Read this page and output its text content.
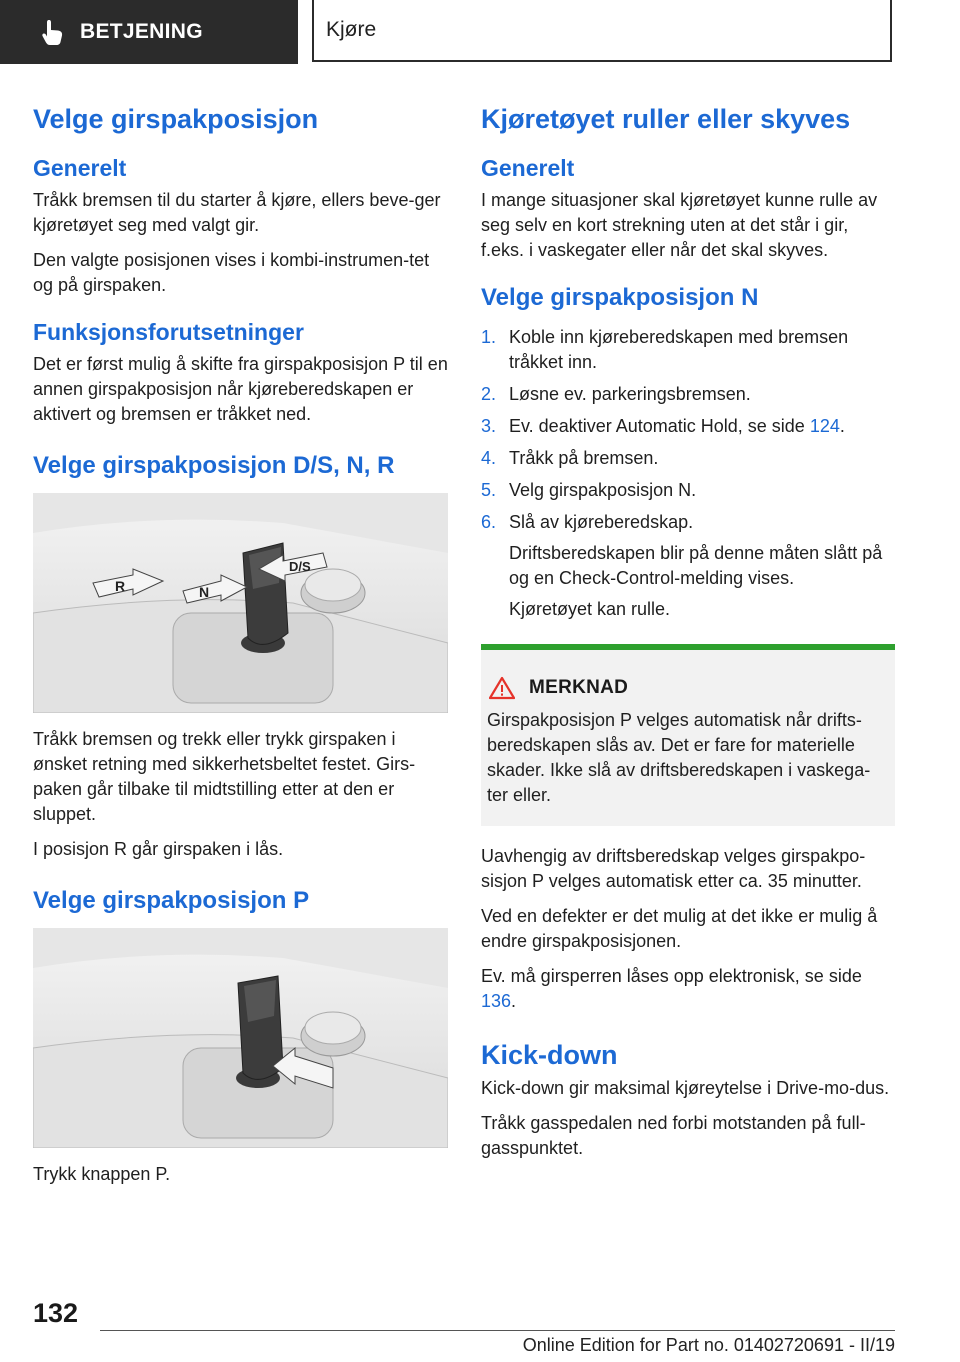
BETJENING	Kjøre
Velge girspakposisjon
Generelt

Tråkk bremsen til du starter å kjøre, ellers beve-ger kjøretøyet seg med valgt gir.

Den valgte posisjonen vises i kombi-instrumen-tet og på girspaken.

Funksjonsforutsetninger

Det er først mulig å skifte fra girspakposisjon P til en annen girspakposisjon når kjøreberedskapen er aktivert og bremsen er tråkket ned.

Velge girspakposisjon D/S, N, R
R	N
D/S

Tråkk bremsen og trekk eller trykk girspaken i ønsket retning med sikkerhetsbeltet festet. Girs-paken går tilbake til midtstilling etter at den er sluppet.

I posisjon R går girspaken i lås.

Velge girspakposisjon P

Trykk knappen P.

Kjøretøyet ruller eller skyves
Generelt

I mange situasjoner skal kjøretøyet kunne rulle av seg selv en kort strekning uten at det står i gir, f.eks. i vaskegater eller når det skal skyves.

Velge girspakposisjon N
1. Koble inn kjøreberedskapen med bremsen tråkket inn.
2. Løsne ev. parkeringsbremsen.
3. Ev. deaktiver Automatic Hold, se side 124.
4. Tråkk på bremsen.
5. Velg girspakposisjon N.
6. Slå av kjøreberedskap.
Driftsberedskapen blir på denne måten slått på og en Check-Control-melding vises.
Kjøretøyet kan rulle.
MERKNAD

Girspakposisjon P velges automatisk når drifts-beredskapen slås av. Det er fare for materielle skader. Ikke slå av driftsberedskapen i vaskega-ter eller.

Uavhengig av driftsberedskap velges girspakpo-sisjon P velges automatisk etter ca. 35 minutter.

Ved en defekter er det mulig at det ikke er mulig å endre girspakposisjonen.

Ev. må girsperren låses opp elektronisk, se side 136.

Kick-down

Kick-down gir maksimal kjøreytelse i Drive-mo-dus.

Tråkk gasspedalen ned forbi motstanden på full-gasspunktet.

132
Online Edition for Part no. 01402720691 - II/19
